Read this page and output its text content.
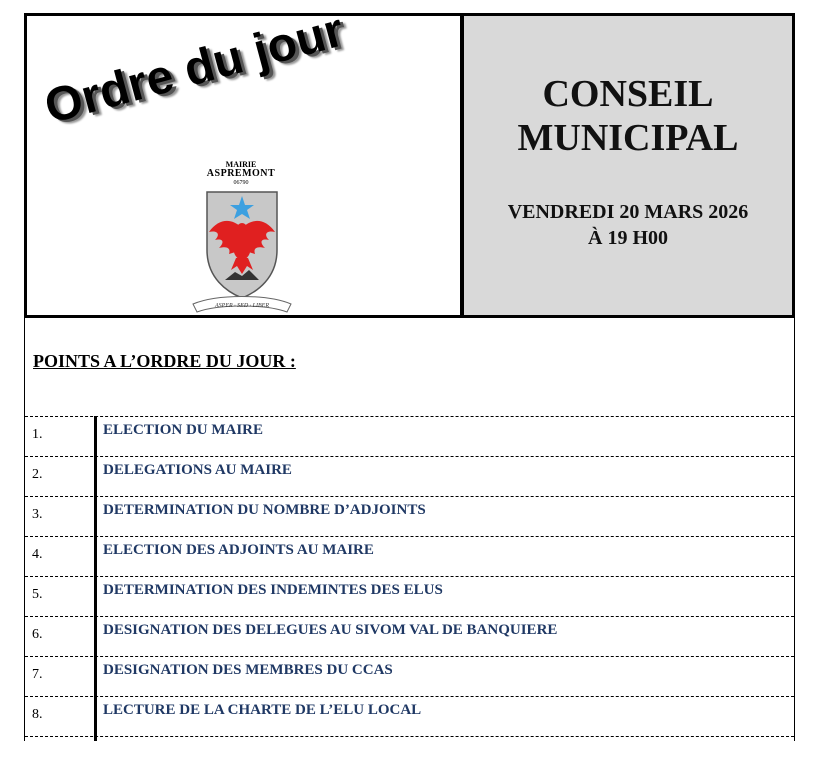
Ordre du jour
MAIRIE
ASPREMONT
06790
ASPER · SED · LIBER
CONSEIL
MUNICIPAL
VENDREDI 20 MARS 2026
À 19 H00
POINTS A L’ORDRE DU JOUR :
1.	ELECTION DU MAIRE
2.	DELEGATIONS AU MAIRE
3.	DETERMINATION DU NOMBRE D’ADJOINTS
4.	ELECTION DES ADJOINTS AU MAIRE
5.	DETERMINATION DES INDEMINTES DES ELUS
6.	DESIGNATION DES DELEGUES AU SIVOM VAL DE BANQUIERE
7.	DESIGNATION DES MEMBRES DU CCAS
8.	LECTURE DE LA CHARTE DE L’ELU LOCAL
